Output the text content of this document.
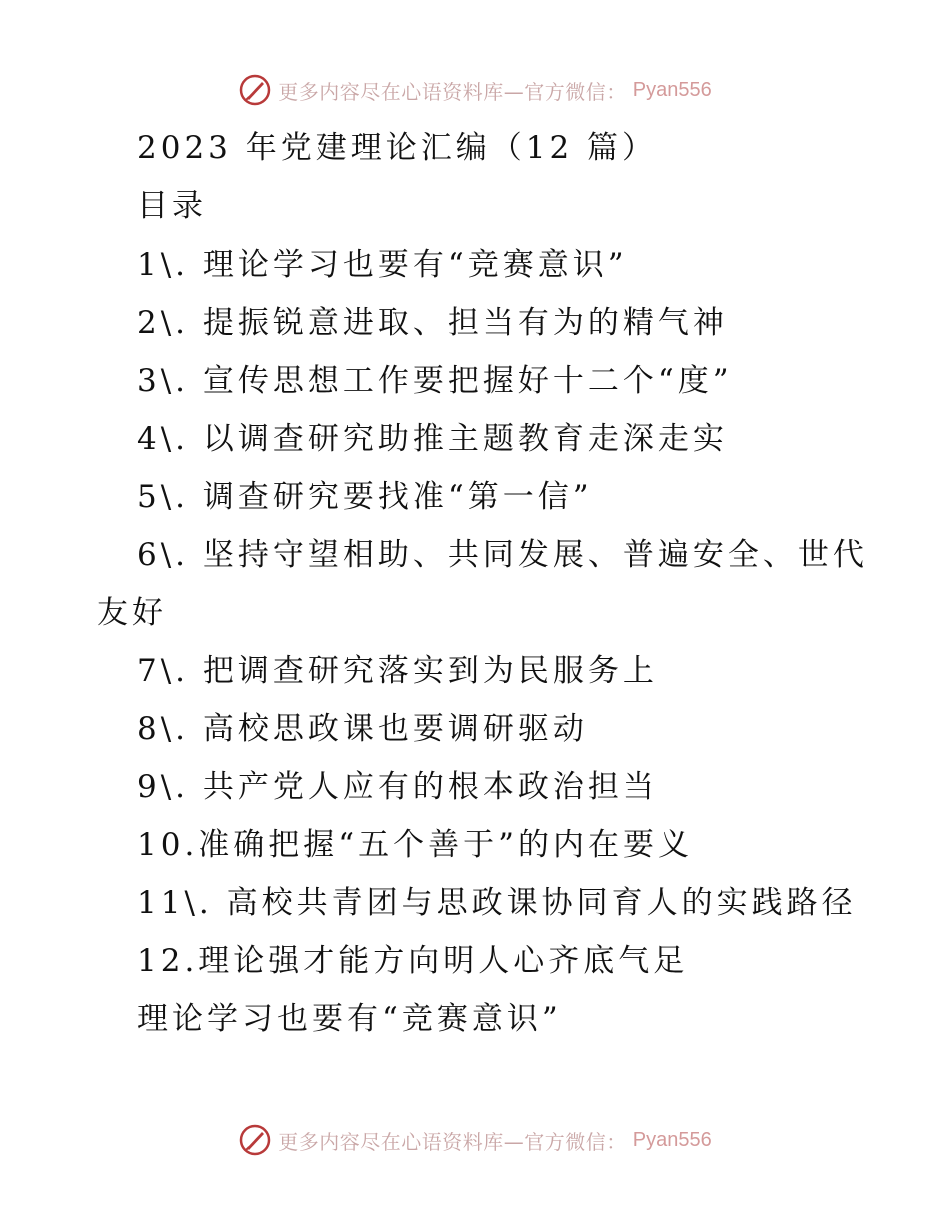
更多内容尽在心语资料库—官方微信： Pyan556
2023 年党建理论汇编（12 篇）
目录
1\. 理论学习也要有“竞赛意识”
2\. 提振锐意进取、担当有为的精气神
3\. 宣传思想工作要把握好十二个“度”
4\. 以调查研究助推主题教育走深走实
5\. 调查研究要找准“第一信”
6\. 坚持守望相助、共同发展、普遍安全、世代
友好
7\. 把调查研究落实到为民服务上
8\. 高校思政课也要调研驱动
9\. 共产党人应有的根本政治担当
10.准确把握“五个善于”的内在要义
11\. 高校共青团与思政课协同育人的实践路径
12.理论强才能方向明人心齐底气足
理论学习也要有“竞赛意识”
更多内容尽在心语资料库—官方微信： Pyan556
